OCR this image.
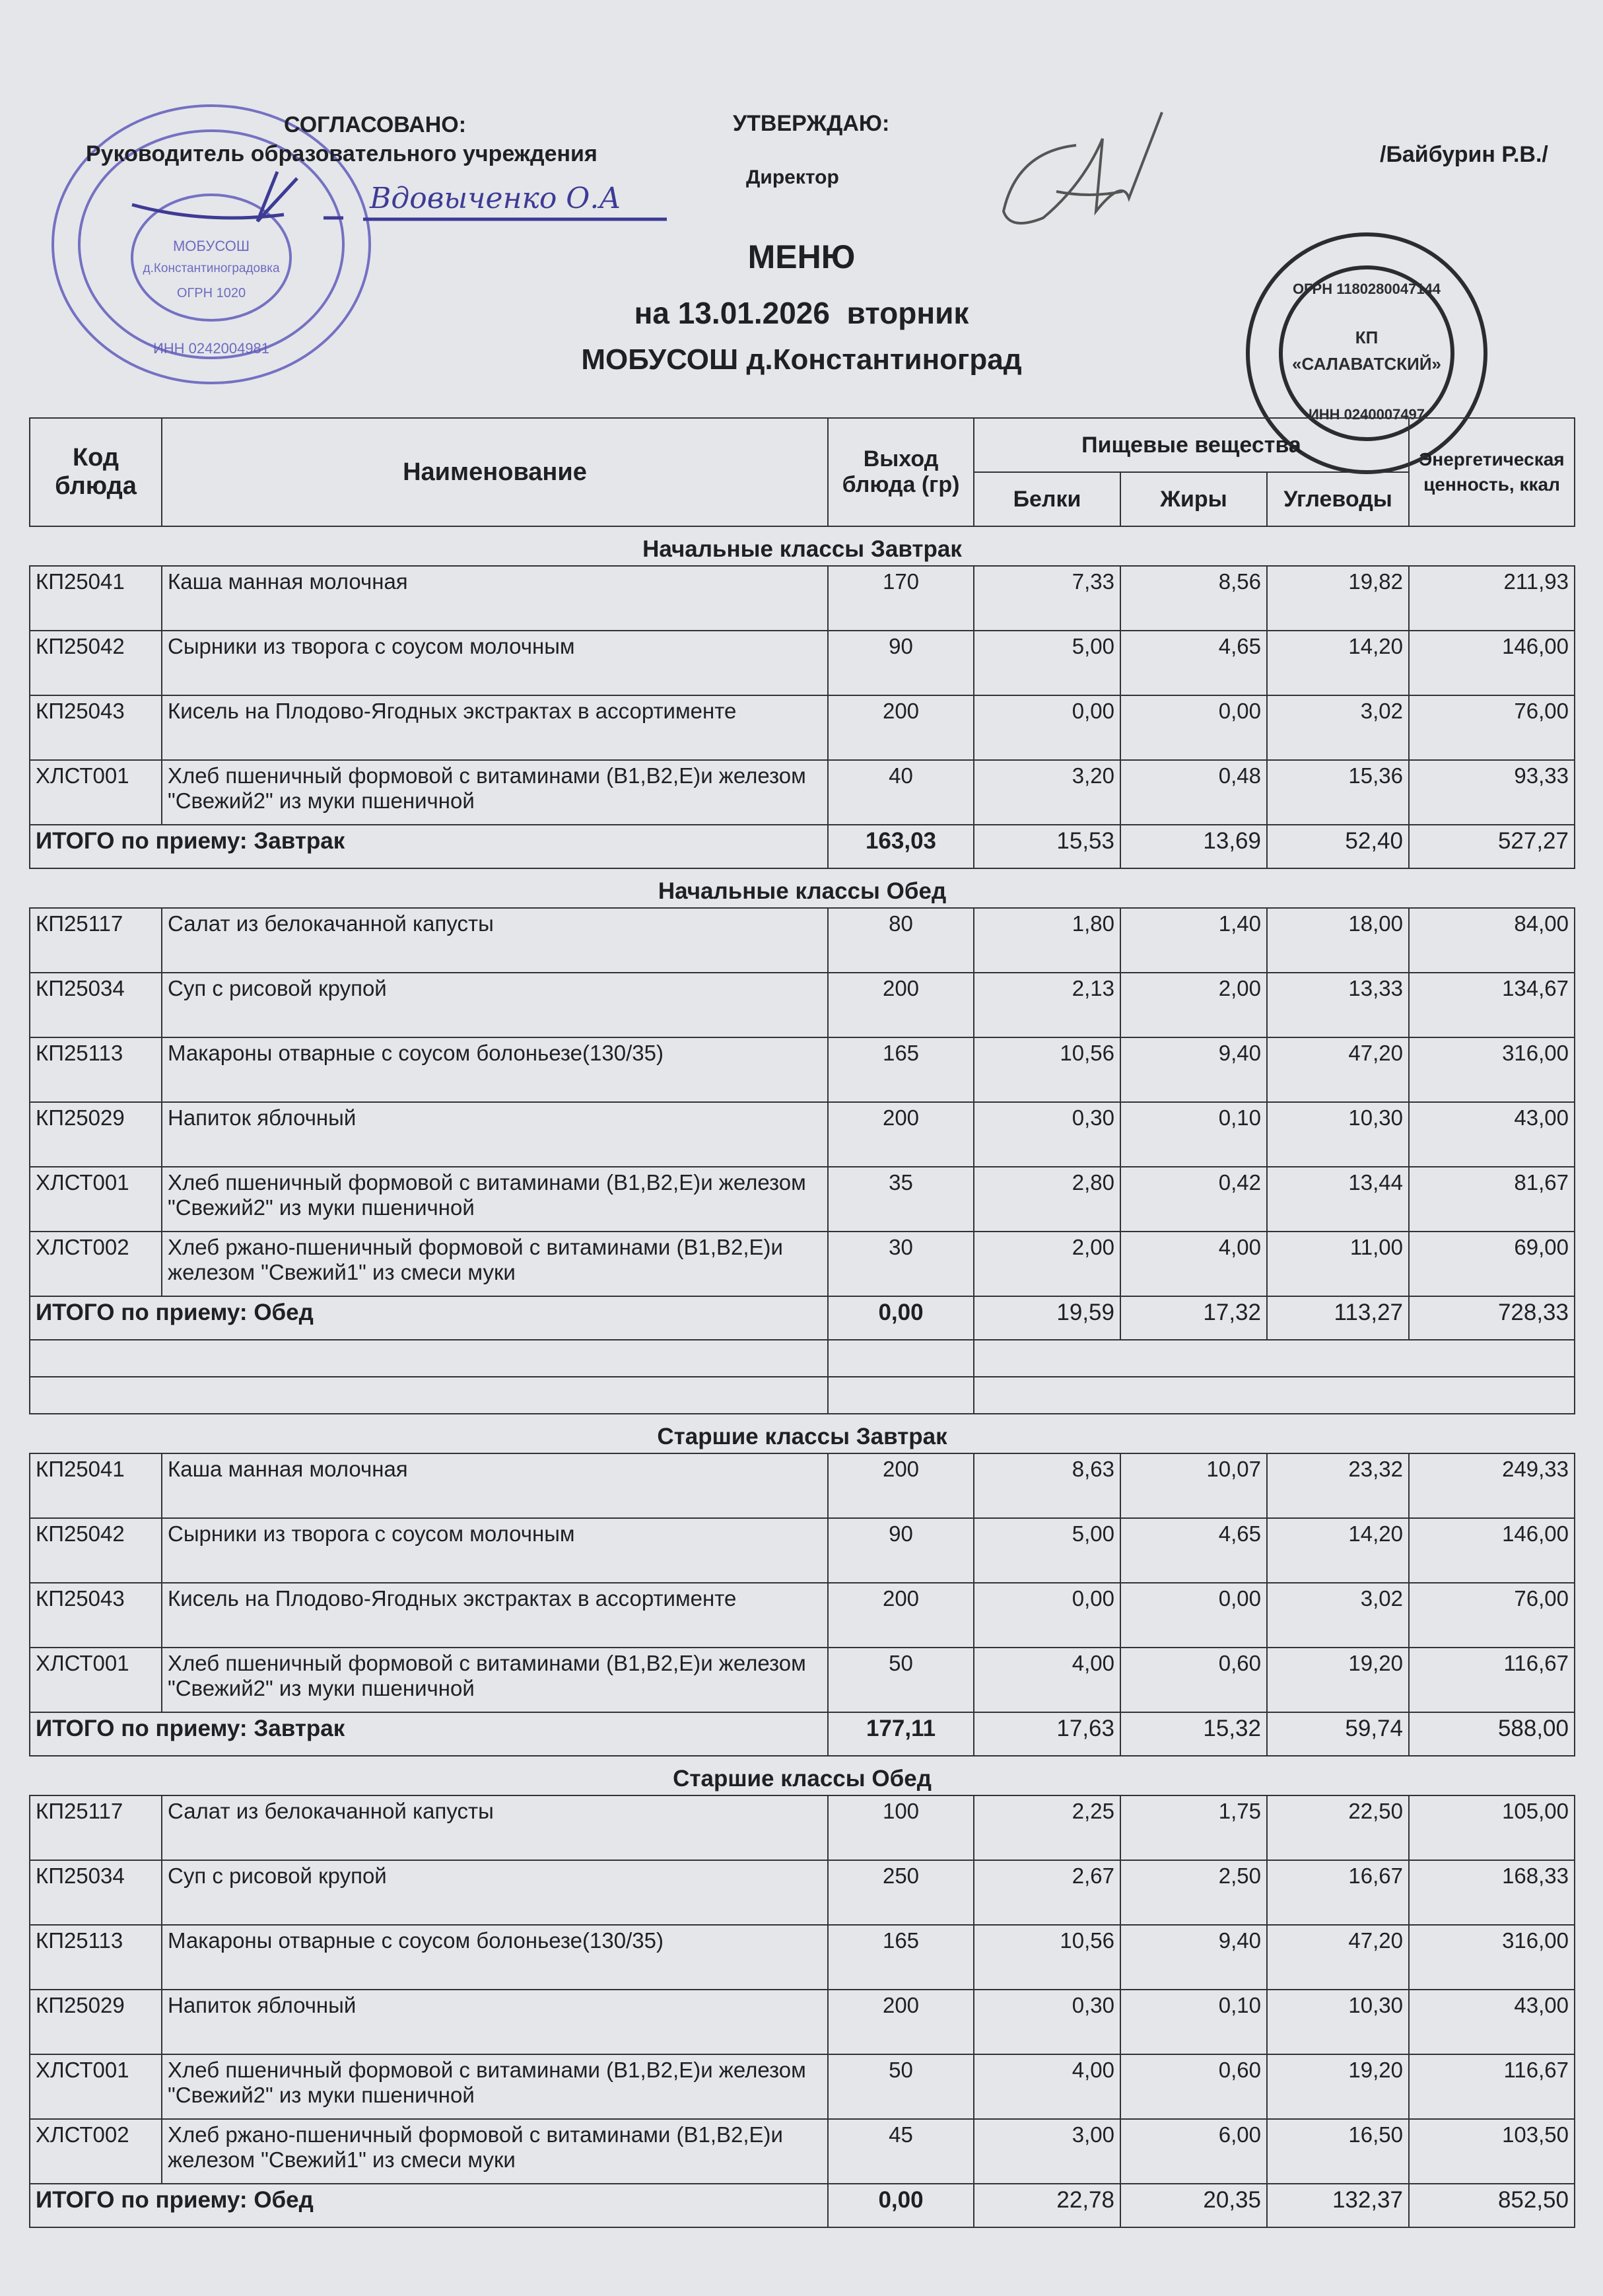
МОБУСОШ
д.Константиноградовка
ОГРН 1020
ИНН 0242004981
Вдовыченко О.А
ОГРН 1180280047144
КП
«САЛАВАТСКИЙ»
ИНН 0240007497
СОГЛАСОВАНО:
Руководитель образовательного учреждения
УТВЕРЖДАЮ:
Директор
/Байбурин Р.В./
МЕНЮ
на 13.01.2026  вторник
МОБУСОШ д.Константиноград
Код блюда	Наименование	Выход блюда (гр)	Пищевые вещества			Энергетическая ценность, ккал
			Белки	Жиры	Углеводы	
Начальные классы Завтрак						
КП25041	Каша манная молочная	170	7,33	8,56	19,82	211,93
КП25042	Сырники из творога с соусом молочным	90	5,00	4,65	14,20	146,00
КП25043	Кисель на Плодово-Ягодных экстрактах в ассортименте	200	0,00	0,00	3,02	76,00
ХЛСТ001	Хлеб пшеничный формовой с витаминами (В1,В2,Е)и железом "Свежий2" из муки пшеничной	40	3,20	0,48	15,36	93,33
ИТОГО по приему: Завтрак		163,03	15,53	13,69	52,40	527,27
Начальные классы Обед						
КП25117	Салат из белокачанной капусты	80	1,80	1,40	18,00	84,00
КП25034	Суп с рисовой крупой	200	2,13	2,00	13,33	134,67
КП25113	Макароны отварные с соусом болоньезе(130/35)	165	10,56	9,40	47,20	316,00
КП25029	Напиток яблочный	200	0,30	0,10	10,30	43,00
ХЛСТ001	Хлеб пшеничный формовой с витаминами (В1,В2,Е)и железом "Свежий2" из муки пшеничной	35	2,80	0,42	13,44	81,67
ХЛСТ002	Хлеб ржано-пшеничный формовой с витаминами (В1,В2,Е)и железом "Свежий1" из смеси муки	30	2,00	4,00	11,00	69,00
ИТОГО по приему: Обед		0,00	19,59	17,32	113,27	728,33

Старшие классы Завтрак						
КП25041	Каша манная молочная	200	8,63	10,07	23,32	249,33
КП25042	Сырники из творога с соусом молочным	90	5,00	4,65	14,20	146,00
КП25043	Кисель на Плодово-Ягодных экстрактах в ассортименте	200	0,00	0,00	3,02	76,00
ХЛСТ001	Хлеб пшеничный формовой с витаминами (В1,В2,Е)и железом "Свежий2" из муки пшеничной	50	4,00	0,60	19,20	116,67
ИТОГО по приему: Завтрак		177,11	17,63	15,32	59,74	588,00
Старшие классы Обед						
КП25117	Салат из белокачанной капусты	100	2,25	1,75	22,50	105,00
КП25034	Суп с рисовой крупой	250	2,67	2,50	16,67	168,33
КП25113	Макароны отварные с соусом болоньезе(130/35)	165	10,56	9,40	47,20	316,00
КП25029	Напиток яблочный	200	0,30	0,10	10,30	43,00
ХЛСТ001	Хлеб пшеничный формовой с витаминами (В1,В2,Е)и железом "Свежий2" из муки пшеничной	50	4,00	0,60	19,20	116,67
ХЛСТ002	Хлеб ржано-пшеничный формовой с витаминами (В1,В2,Е)и железом "Свежий1" из смеси муки	45	3,00	6,00	16,50	103,50
ИТОГО по приему: Обед		0,00	22,78	20,35	132,37	852,50
